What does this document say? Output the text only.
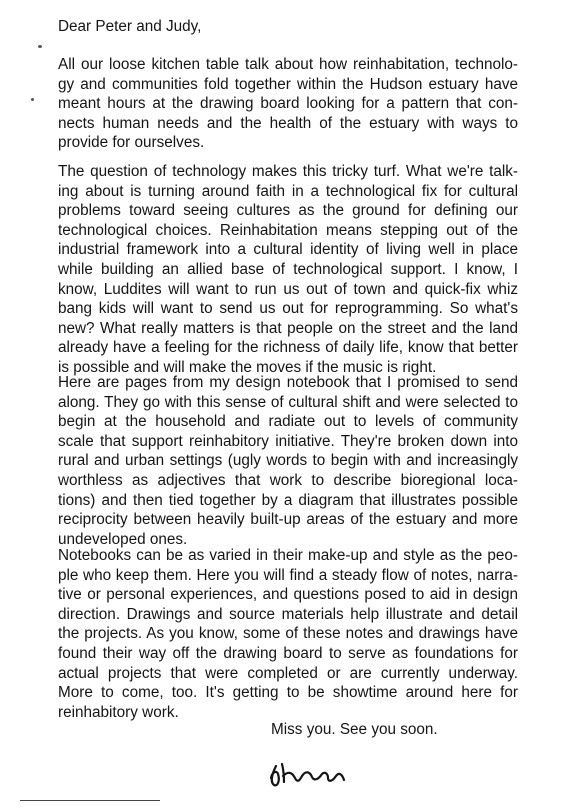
Dear Peter and Judy,
All our loose kitchen table talk about how reinhabitation, technolo-
gy and communities fold together within the Hudson estuary have
meant hours at the drawing board looking for a pattern that con-
nects human needs and the health of the estuary with ways to
provide for ourselves.
The question of technology makes this tricky turf. What we're talk-
ing about is turning around faith in a technological fix for cultural
problems toward seeing cultures as the ground for defining our
technological choices. Reinhabitation means stepping out of the
industrial framework into a cultural identity of living well in place
while building an allied base of technological support. I know, I
know, Luddites will want to run us out of town and quick-fix whiz
bang kids will want to send us out for reprogramming. So what's
new? What really matters is that people on the street and the land
already have a feeling for the richness of daily life, know that better
is possible and will make the moves if the music is right.
Here are pages from my design notebook that I promised to send
along. They go with this sense of cultural shift and were selected to
begin at the household and radiate out to levels of community
scale that support reinhabitory initiative. They're broken down into
rural and urban settings (ugly words to begin with and increasingly
worthless as adjectives that work to describe bioregional loca-
tions) and then tied together by a diagram that illustrates possible
reciprocity between heavily built-up areas of the estuary and more
undeveloped ones.
Notebooks can be as varied in their make-up and style as the peo-
ple who keep them. Here you will find a steady flow of notes, narra-
tive or personal experiences, and questions posed to aid in design
direction. Drawings and source materials help illustrate and detail
the projects. As you know, some of these notes and drawings have
found their way off the drawing board to serve as foundations for
actual projects that were completed or are currently underway.
More to come, too. It's getting to be showtime around here for
reinhabitory work.
Miss you. See you soon.
